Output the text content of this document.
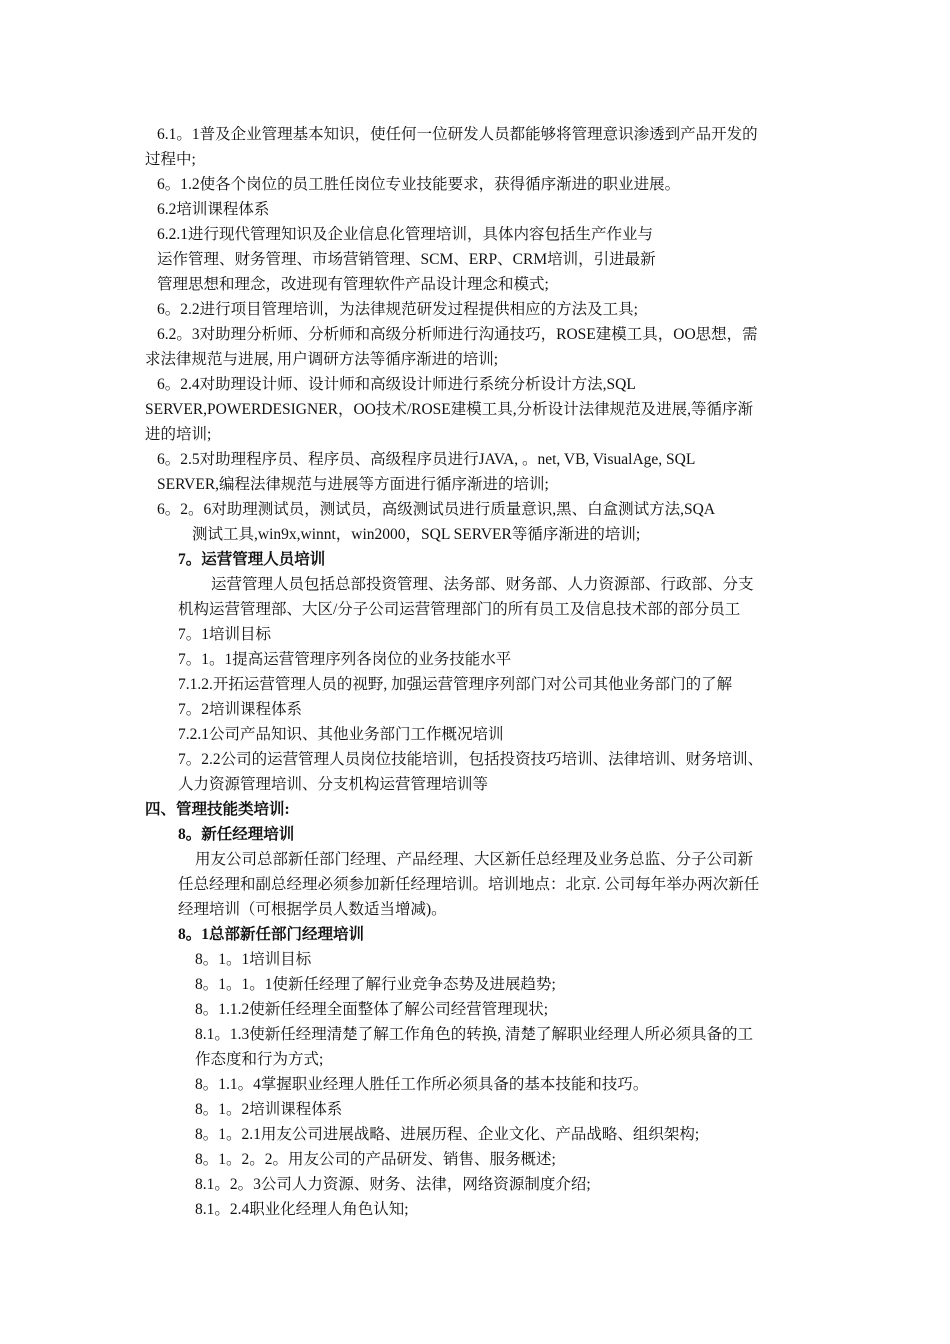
6.1。1普及企业管理基本知识，使任何一位研发人员都能够将管理意识渗透到产品开发的
过程中;
6。1.2使各个岗位的员工胜任岗位专业技能要求，获得循序渐进的职业进展。
6.2培训课程体系
6.2.1进行现代管理知识及企业信息化管理培训，具体内容包括生产作业与
运作管理、财务管理、市场营销管理、SCM、ERP、CRM培训，引进最新
管理思想和理念，改进现有管理软件产品设计理念和模式;
6。2.2进行项目管理培训，为法律规范研发过程提供相应的方法及工具;
6.2。3对助理分析师、分析师和高级分析师进行沟通技巧，ROSE建模工具，OO思想，需
求法律规范与进展, 用户调研方法等循序渐进的培训;
6。2.4对助理设计师、设计师和高级设计师进行系统分析设计方法,SQL
SERVER,POWERDESIGNER，OO技术/ROSE建模工具,分析设计法律规范及进展,等循序渐
进的培训;
6。2.5对助理程序员、程序员、高级程序员进行JAVA, 。net, VB, VisualAge, SQL
SERVER,编程法律规范与进展等方面进行循序渐进的培训;
6。2。6对助理测试员，测试员，高级测试员进行质量意识,黑、白盒测试方法,SQA
测试工具,win9x,winnt，win2000，SQL SERVER等循序渐进的培训;
7。运营管理人员培训
运营管理人员包括总部投资管理、法务部、财务部、人力资源部、行政部、分支
机构运营管理部、大区/分子公司运营管理部门的所有员工及信息技术部的部分员工
7。1培训目标
7。1。1提高运营管理序列各岗位的业务技能水平
7.1.2.开拓运营管理人员的视野, 加强运营管理序列部门对公司其他业务部门的了解
7。2培训课程体系
7.2.1公司产品知识、其他业务部门工作概况培训
7。2.2公司的运营管理人员岗位技能培训，包括投资技巧培训、法律培训、财务培训、
人力资源管理培训、分支机构运营管理培训等
四、管理技能类培训:
8。新任经理培训
用友公司总部新任部门经理、产品经理、大区新任总经理及业务总监、分子公司新
任总经理和副总经理必须参加新任经理培训。培训地点：北京. 公司每年举办两次新任
经理培训（可根据学员人数适当增减)。
8。1总部新任部门经理培训
8。1。1培训目标
8。1。1。1使新任经理了解行业竞争态势及进展趋势;
8。1.1.2使新任经理全面整体了解公司经营管理现状;
8.1。1.3使新任经理清楚了解工作角色的转换, 清楚了解职业经理人所必须具备的工
作态度和行为方式;
8。1.1。4掌握职业经理人胜任工作所必须具备的基本技能和技巧。
8。1。2培训课程体系
8。1。2.1用友公司进展战略、进展历程、企业文化、产品战略、组织架构;
8。1。2。2。用友公司的产品研发、销售、服务概述;
8.1。2。3公司人力资源、财务、法律，网络资源制度介绍;
8.1。2.4职业化经理人角色认知;
